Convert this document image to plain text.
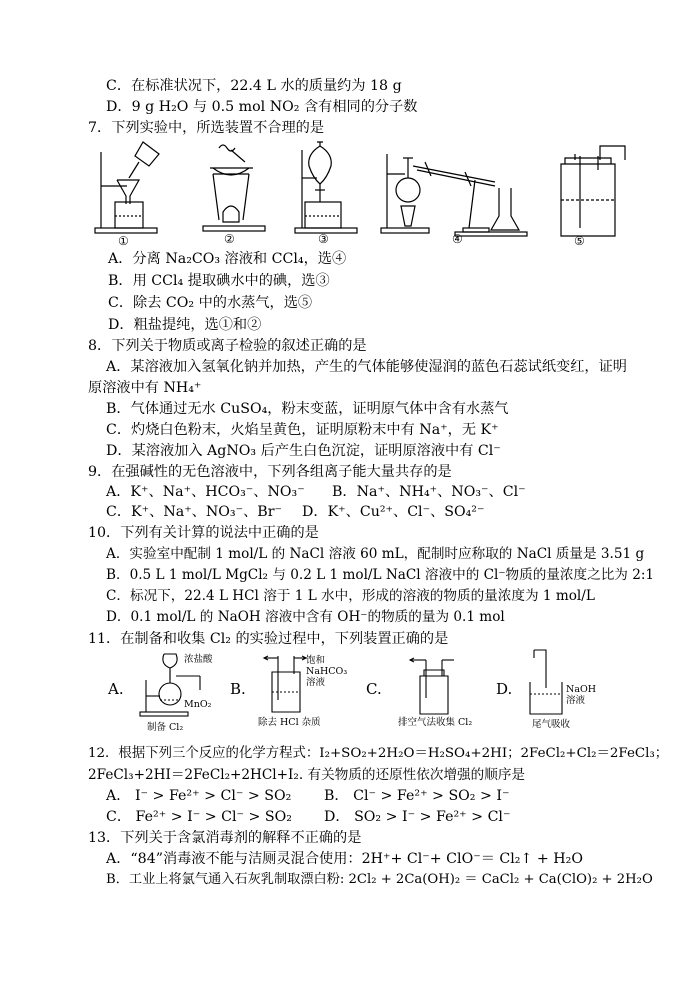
C．在标准状况下，22.4 L 水的质量约为 18 g
D．9 g H₂O 与 0.5 mol NO₂ 含有相同的分子数
7．下列实验中，所选装置不合理的是
①	②	③	④	⑤
A．分离 Na₂CO₃ 溶液和 CCl₄，选④
B．用 CCl₄ 提取碘水中的碘，选③
C．除去 CO₂ 中的水蒸气，选⑤
D．粗盐提纯，选①和②
8．下列关于物质或离子检验的叙述正确的是
A．某溶液加入氢氧化钠并加热，产生的气体能够使湿润的蓝色石蕊试纸变红，证明
原溶液中有 NH₄⁺
B．气体通过无水 CuSO₄，粉末变蓝，证明原气体中含有水蒸气
C．灼烧白色粉末，火焰呈黄色，证明原粉末中有 Na⁺，无 K⁺
D．某溶液加入 AgNO₃ 后产生白色沉淀，证明原溶液中有 Cl⁻
9．在强碱性的无色溶液中，下列各组离子能大量共存的是
A．K⁺、Na⁺、HCO₃⁻、NO₃⁻ B．Na⁺、NH₄⁺、NO₃⁻、Cl⁻
C．K⁺、Na⁺、NO₃⁻、Br⁻ D．K⁺、Cu²⁺、Cl⁻、SO₄²⁻
10．下列有关计算的说法中正确的是
A．实验室中配制 1 mol/L 的 NaCl 溶液 60 mL，配制时应称取的 NaCl 质量是 3.51 g
B．0.5 L 1 mol/L MgCl₂ 与 0.2 L 1 mol/L NaCl 溶液中的 Cl⁻物质的量浓度之比为 2:1
C．标况下，22.4 L HCl 溶于 1 L 水中，形成的溶液的物质的量浓度为 1 mol/L
D．0.1 mol/L 的 NaOH 溶液中含有 OH⁻的物质的量为 0.1 mol
11．在制备和收集 Cl₂ 的实验过程中，下列装置正确的是
A.
浓盐酸
MnO₂
制备 Cl₂
B.
饱和
NaHCO₃
溶液
除去 HCl 杂质
C.
排空气法收集 Cl₂
D.	NaOH
溶液
尾气吸收
12．根据下列三个反应的化学方程式：I₂+SO₂+2H₂O＝H₂SO₄+2HI；2FeCl₂+Cl₂＝2FeCl₃；
2FeCl₃+2HI＝2FeCl₂+2HCl+I₂. 有关物质的还原性依次增强的顺序是
A． I⁻ > Fe²⁺ > Cl⁻ > SO₂ B． Cl⁻ > Fe²⁺ > SO₂ > I⁻
C． Fe²⁺ > I⁻ > Cl⁻ > SO₂ D． SO₂ > I⁻ > Fe²⁺ > Cl⁻
13．下列关于含氯消毒剂的解释不正确的是
A．“84”消毒液不能与洁厕灵混合使用：2H⁺+ Cl⁻+ ClO⁻＝ Cl₂↑ + H₂O
B．工业上将氯气通入石灰乳制取漂白粉: 2Cl₂ + 2Ca(OH)₂ ＝ CaCl₂ + Ca(ClO)₂ + 2H₂O
